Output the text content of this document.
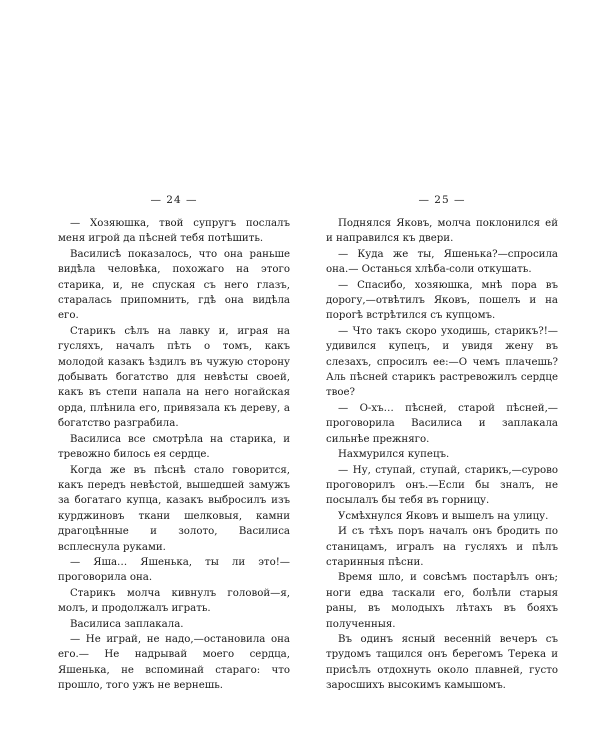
— 24 —

— Хозяюшка, твой супругъ послалъ меня игрой да пѣсней тебя потѣшить.

Василисѣ показалось, что она раньше видѣла человѣка, похожаго на этого старика, и, не спуская съ него глазъ, старалась припомнить, гдѣ она видѣла его.

Старикъ сѣлъ на лавку и, играя на гусляхъ, началъ пѣть о томъ, какъ молодой казакъ ѣздилъ въ чужую сторону добывать богатство для невѣсты своей, какъ въ степи напала на него ногайская орда, плѣнила его, привязала къ дереву, а богатство разграбила.

Василиса все смотрѣла на старика, и тревожно билось ея сердце.

Когда же въ пѣснѣ стало говорится, какъ передъ невѣстой, вышедшей замужъ за богатаго купца, казакъ выбросилъ изъ курджиновъ ткани шелковыя, камни драгоцѣнные и золото, Василиса всплеснула руками.

— Яша… Яшенька, ты ли это!—проговорила она.

Старикъ молча кивнулъ головой—я, молъ, и продолжалъ играть.

Василиса заплакала.

— Не играй, не надо,—остановила она его.— Не надрывай моего сердца, Яшенька, не вспоминай стараго: что прошло, того ужъ не вернешь.

— 25 —

Поднялся Яковъ, молча поклонился ей и направился къ двери.

— Куда же ты, Яшенька?—спросила она.— Останься хлѣба-соли откушать.

— Спасибо, хозяюшка, мнѣ пора въ дорогу,—отвѣтилъ Яковъ, пошелъ и на порогѣ встрѣтился съ купцомъ.

— Что такъ скоро уходишь, старикъ?!—удивился купецъ, и увидя жену въ слезахъ, спросилъ ее:—О чемъ плачешь? Аль пѣсней старикъ растревожилъ сердце твое?

— О-хъ… пѣсней, старой пѣсней,—проговорила Василиса и заплакала сильнѣе прежняго.

Нахмурился купецъ.

— Ну, ступай, ступай, старикъ,—сурово проговорилъ онъ.—Если бы зналъ, не посылалъ бы тебя въ горницу.

Усмѣхнулся Яковъ и вышелъ на улицу.

И съ тѣхъ поръ началъ онъ бродить по станицамъ, игралъ на гусляхъ и пѣлъ старинныя пѣсни.

Время шло, и совсѣмъ постарѣлъ онъ; ноги едва таскали его, болѣли старыя раны, въ молодыхъ лѣтахъ въ бояхъ полученныя.

Въ одинъ ясный весенній вечеръ съ трудомъ тащился онъ берегомъ Терека и присѣлъ отдохнуть около плавней, густо заросшихъ высокимъ камышомъ.
